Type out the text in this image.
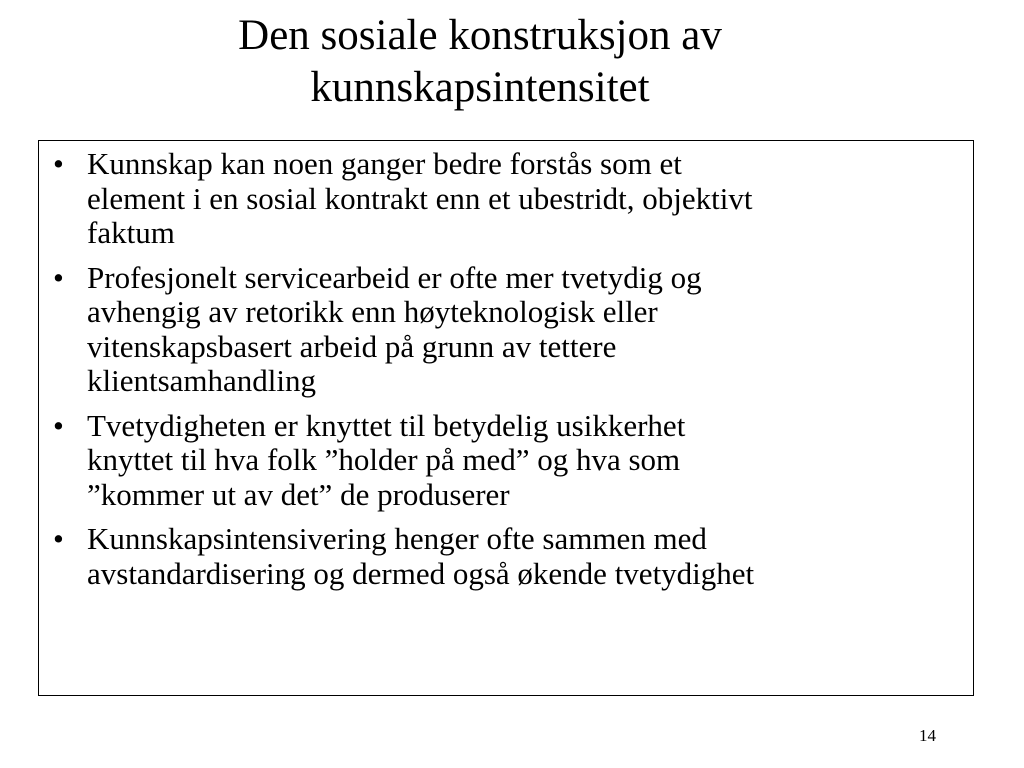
Den sosiale konstruksjon av
kunnskapsintensitet
• Kunnskap kan noen ganger bedre forstås som et
element i en sosial kontrakt enn et ubestridt, objektivt
faktum
• Profesjonelt servicearbeid er ofte mer tvetydig og
avhengig av retorikk enn høyteknologisk eller
vitenskapsbasert arbeid på grunn av tettere
klientsamhandling
• Tvetydigheten er knyttet til betydelig usikkerhet
knyttet til hva folk ”holder på med” og hva som
”kommer ut av det” de produserer
• Kunnskapsintensivering henger ofte sammen med
avstandardisering og dermed også økende tvetydighet
14
